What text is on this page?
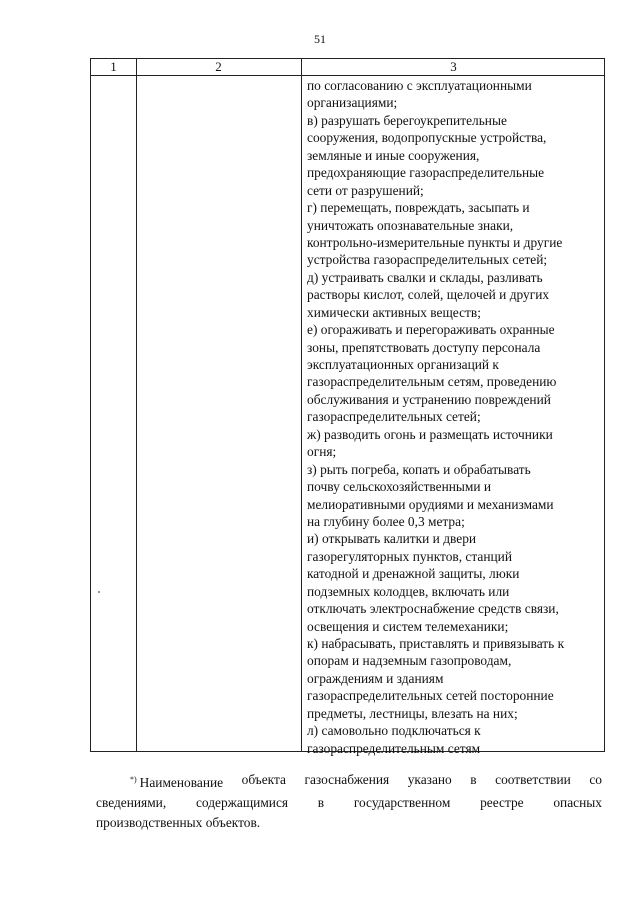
51
1	2	3
по согласованию с эксплуатационными
организациями;
в) разрушать берегоукрепительные
сооружения, водопропускные устройства,
земляные и иные сооружения,
предохраняющие газораспределительные
сети от разрушений;
г) перемещать, повреждать, засыпать и
уничтожать опознавательные знаки,
контрольно-измерительные пункты и другие
устройства газораспределительных сетей;
д) устраивать свалки и склады, разливать
растворы кислот, солей, щелочей и других
химически активных веществ;
е) огораживать и перегораживать охранные
зоны, препятствовать доступу персонала
эксплуатационных организаций к
газораспределительным сетям, проведению
обслуживания и устранению повреждений
газораспределительных сетей;
ж) разводить огонь и размещать источники
огня;
з) рыть погреба, копать и обрабатывать
почву сельскохозяйственными и
мелиоративными орудиями и механизмами
на глубину более 0,3 метра;
и) открывать калитки и двери
газорегуляторных пунктов, станций
катодной и дренажной защиты, люки
подземных колодцев, включать или
отключать электроснабжение средств связи,
освещения и систем телемеханики;
к) набрасывать, приставлять и привязывать к
опорам и надземным газопроводам,
ограждениям и зданиям
газораспределительных сетей посторонние
предметы, лестницы, влезать на них;
л) самовольно подключаться к
газораспределительным сетям
*) Наименование объекта газоснабжения указано в соответствии со
сведениями, содержащимися в государственном реестре опасных
производственных объектов.
